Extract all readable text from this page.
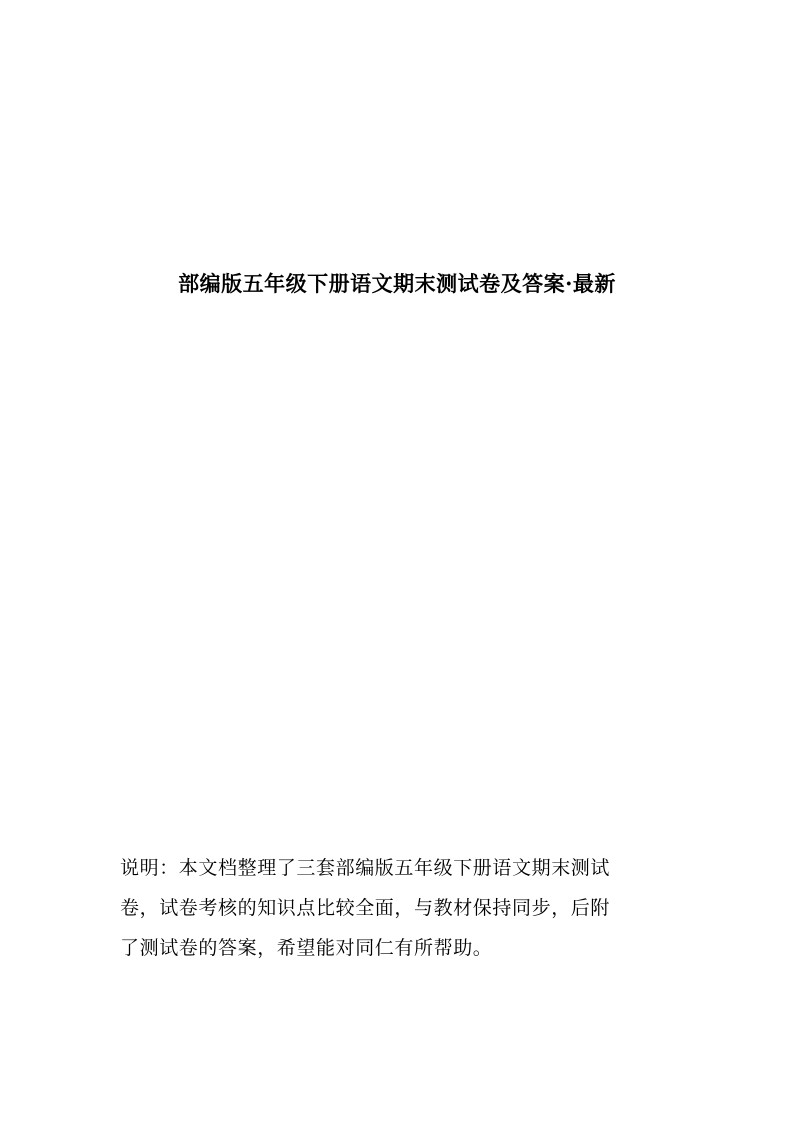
部编版五年级下册语文期末测试卷及答案·最新
说明：本文档整理了三套部编版五年级下册语文期末测试
卷，试卷考核的知识点比较全面，与教材保持同步，后附
了测试卷的答案，希望能对同仁有所帮助。
